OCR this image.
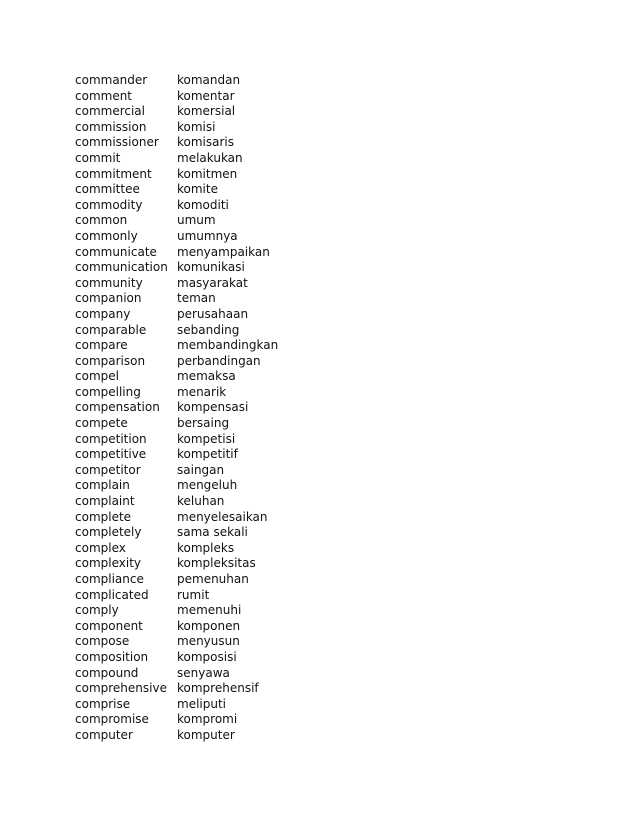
commander	komandan
comment	komentar
commercial	komersial
commission	komisi
commissioner	komisaris
commit	melakukan
commitment	komitmen
committee	komite
commodity	komoditi
common	umum
commonly	umumnya
communicate	menyampaikan
communication komunikasi
community	masyarakat
companion	teman
company	perusahaan
comparable	sebanding
compare	membandingkan
comparison	perbandingan
compel	memaksa
compelling	menarik
compensation	kompensasi
compete	bersaing
competition	kompetisi
competitive	kompetitif
competitor	saingan
complain	mengeluh
complaint	keluhan
complete	menyelesaikan
completely	sama sekali
complex	kompleks
complexity	kompleksitas
compliance	pemenuhan
complicated	rumit
comply	memenuhi
component	komponen
compose	menyusun
composition	komposisi
compound	senyawa
comprehensive komprehensif
comprise	meliputi
compromise	kompromi
computer	komputer
